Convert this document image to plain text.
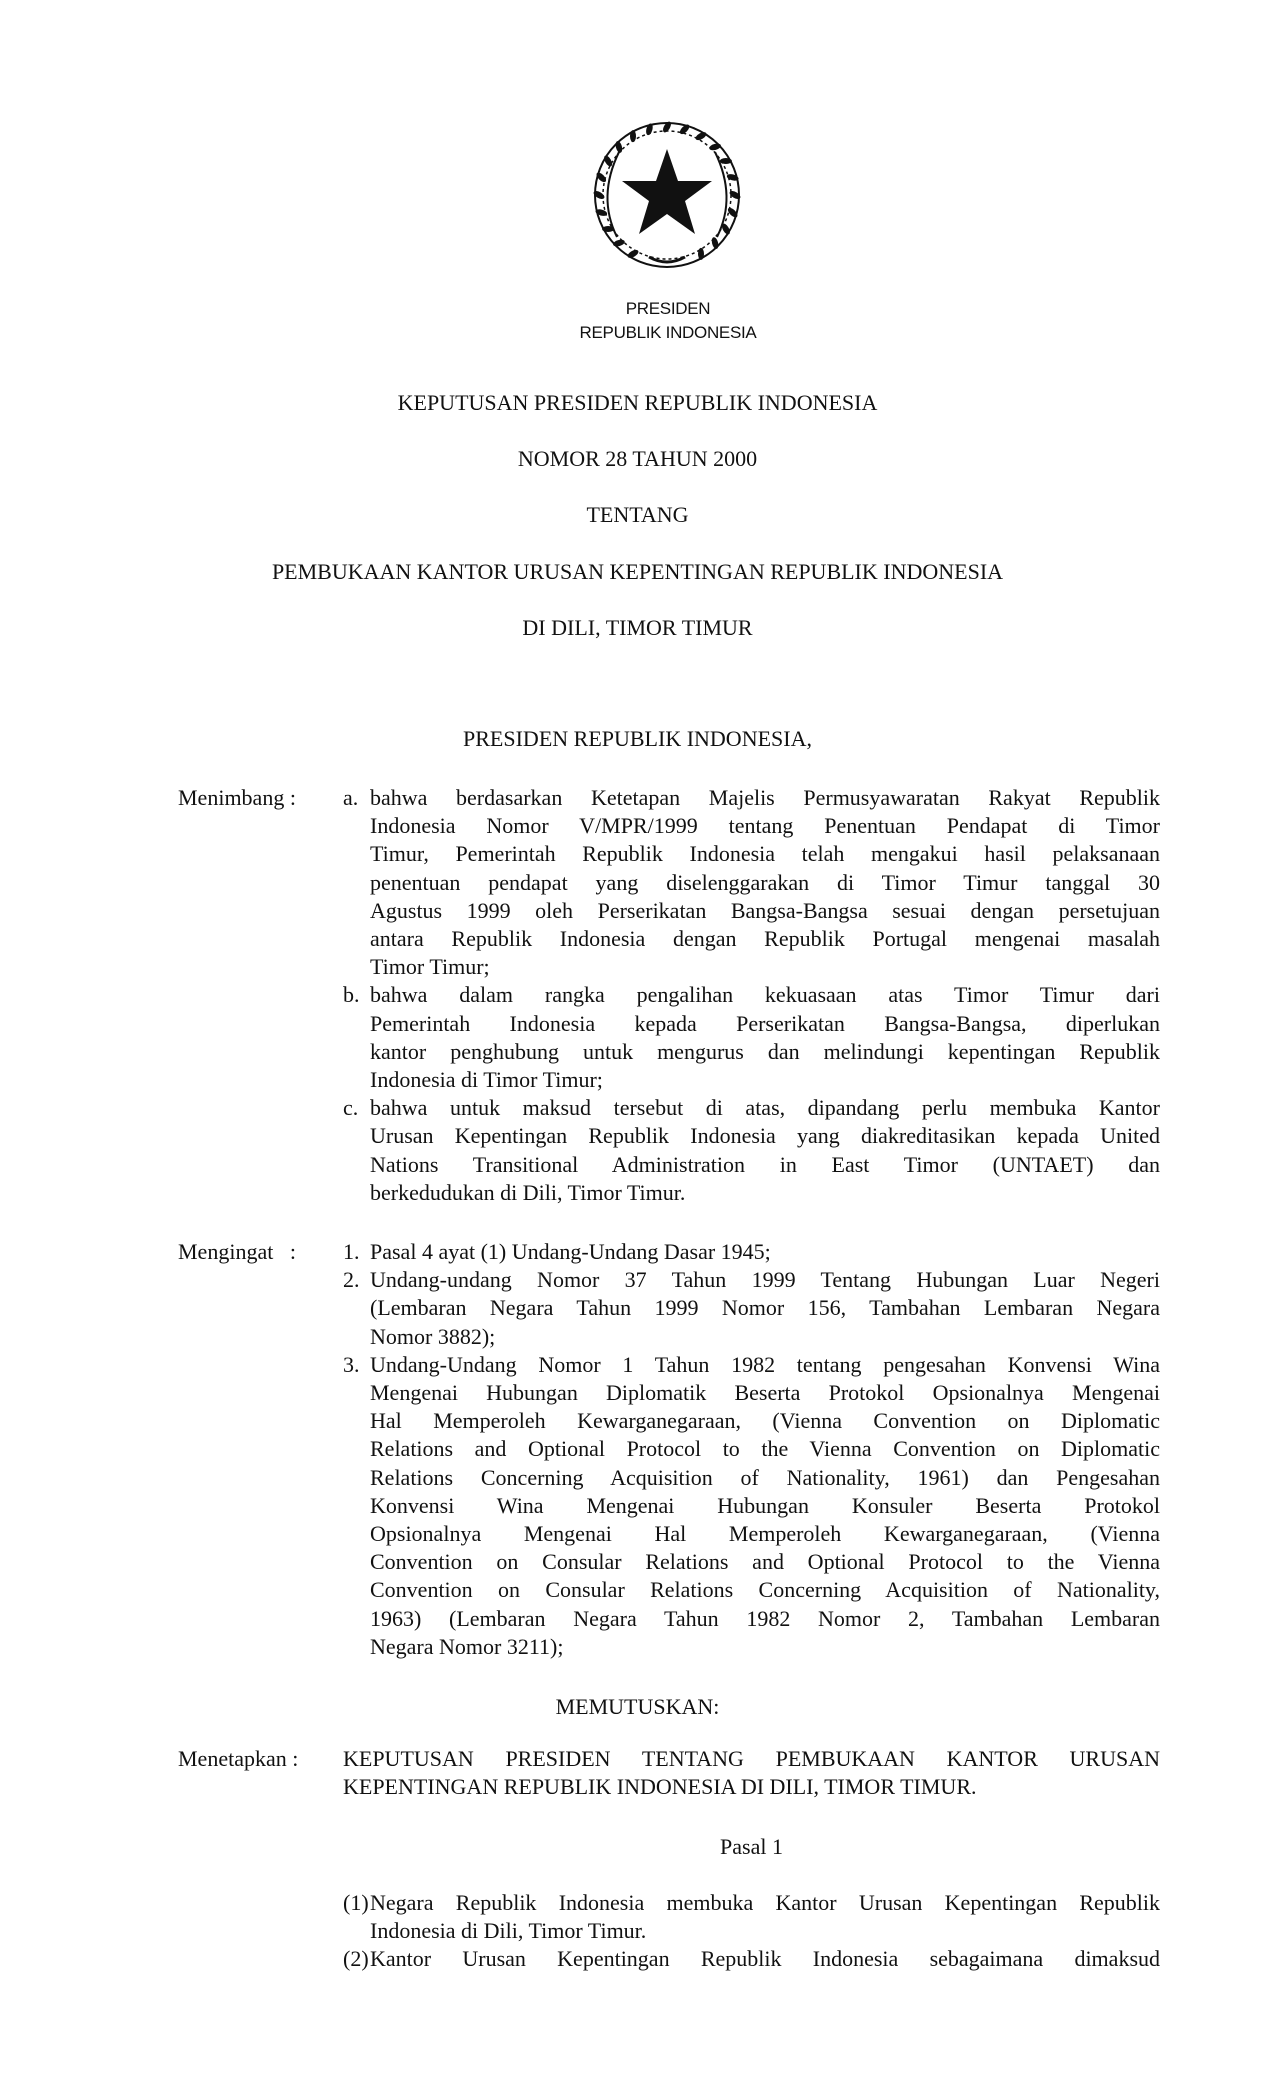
PRESIDEN
REPUBLIK INDONESIA
KEPUTUSAN PRESIDEN REPUBLIK INDONESIA
NOMOR 28 TAHUN 2000
TENTANG
PEMBUKAAN KANTOR URUSAN KEPENTINGAN REPUBLIK INDONESIA
DI DILI, TIMOR TIMUR
PRESIDEN REPUBLIK INDONESIA,
Menimbang : a. bahwa berdasarkan Ketetapan Majelis Permusyawaratan Rakyat Republik
Indonesia Nomor V/MPR/1999 tentang Penentuan Pendapat di Timor
Timur, Pemerintah Republik Indonesia telah mengakui hasil pelaksanaan
penentuan pendapat yang diselenggarakan di Timor Timur tanggal 30
Agustus 1999 oleh Perserikatan Bangsa-Bangsa sesuai dengan persetujuan
antara Republik Indonesia dengan Republik Portugal mengenai masalah
Timor Timur;
b. bahwa dalam rangka pengalihan kekuasaan atas Timor Timur dari
Pemerintah Indonesia kepada Perserikatan Bangsa-Bangsa, diperlukan
kantor penghubung untuk mengurus dan melindungi kepentingan Republik
Indonesia di Timor Timur;
c. bahwa untuk maksud tersebut di atas, dipandang perlu membuka Kantor
Urusan Kepentingan Republik Indonesia yang diakreditasikan kepada United
Nations Transitional Administration in East Timor (UNTAET) dan
berkedudukan di Dili, Timor Timur.
Mengingat   : 1. Pasal 4 ayat (1) Undang-Undang Dasar 1945;
2. Undang-undang Nomor 37 Tahun 1999 Tentang Hubungan Luar Negeri
(Lembaran Negara Tahun 1999 Nomor 156, Tambahan Lembaran Negara
Nomor 3882);
3. Undang-Undang Nomor 1 Tahun 1982 tentang pengesahan Konvensi Wina
Mengenai Hubungan Diplomatik Beserta Protokol Opsionalnya Mengenai
Hal Memperoleh Kewarganegaraan, (Vienna Convention on Diplomatic
Relations and Optional Protocol to the Vienna Convention on Diplomatic
Relations Concerning Acquisition of Nationality, 1961) dan Pengesahan
Konvensi Wina Mengenai Hubungan Konsuler Beserta Protokol
Opsionalnya Mengenai Hal Memperoleh Kewarganegaraan, (Vienna
Convention on Consular Relations and Optional Protocol to the Vienna
Convention on Consular Relations Concerning Acquisition of Nationality,
1963) (Lembaran Negara Tahun 1982 Nomor 2, Tambahan Lembaran
Negara Nomor 3211);
MEMUTUSKAN:
Menetapkan : KEPUTUSAN PRESIDEN TENTANG PEMBUKAAN KANTOR URUSAN
KEPENTINGAN REPUBLIK INDONESIA DI DILI, TIMOR TIMUR.
Pasal 1
(1) Negara Republik Indonesia membuka Kantor Urusan Kepentingan Republik
Indonesia di Dili, Timor Timur.
(2) Kantor Urusan Kepentingan Republik Indonesia sebagaimana dimaksud
